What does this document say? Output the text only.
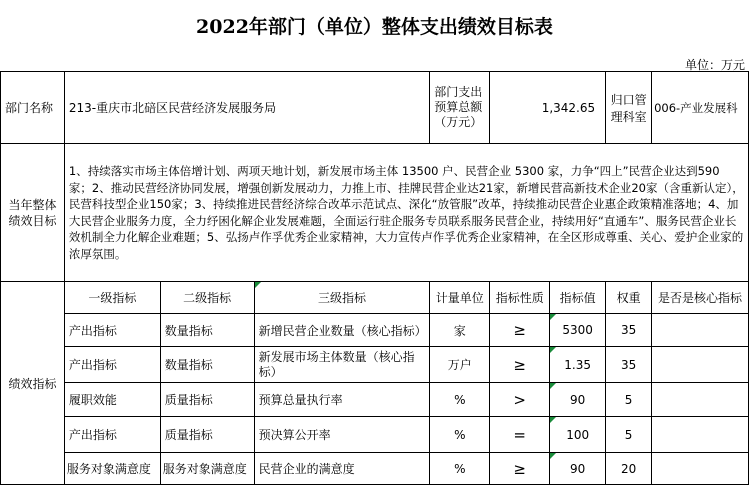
2022年部门（单位）整体支出绩效目标表
单位：万元
部门名称	213-重庆市北碚区民营经济发展服务局			部门支出预算总额（万元）	1,342.65		归口管理科室	006-产业发展科
当年整体绩效目标	1、持续落实市场主体倍增计划、两项天地计划，新发展市场主体 13500 户、民营企业 5300 家，力争“四上”民营企业达到590 家；2、推动民营经济协同发展，增强创新发展动力，力推上市、挂牌民营企业达21家，新增民营高新技术企业20家（含重新认定），民营科技型企业150家；3、持续推进民营经济综合改革示范试点、深化“放管服”改革，持续推动民营企业惠企政策精准落地；4、加大民营企业服务力度，全力纾困化解企业发展难题，全面运行驻企服务专员联系服务民营企业，持续用好“直通车”、服务民营企业长效机制全力化解企业难题；5、弘扬卢作孚优秀企业家精神，大力宣传卢作孚优秀企业家精神，在全区形成尊重、关心、爱护企业家的浓厚氛围。							
绩效指标	一级指标	二级指标	三级指标	计量单位	指标性质	指标值	权重	是否是核心指标
	产出指标	数量指标	新增民营企业数量（核心指标）	家	≥	5300	35	
	产出指标	数量指标	新发展市场主体数量（核心指标）	万户	≥	1.35	35	
	履职效能	质量指标	预算总量执行率	%	>	90	5	
	产出指标	质量指标	预决算公开率	%	=	100	5	
	服务对象满意度	服务对象满意度	民营企业的满意度	%	≥	90	20	
